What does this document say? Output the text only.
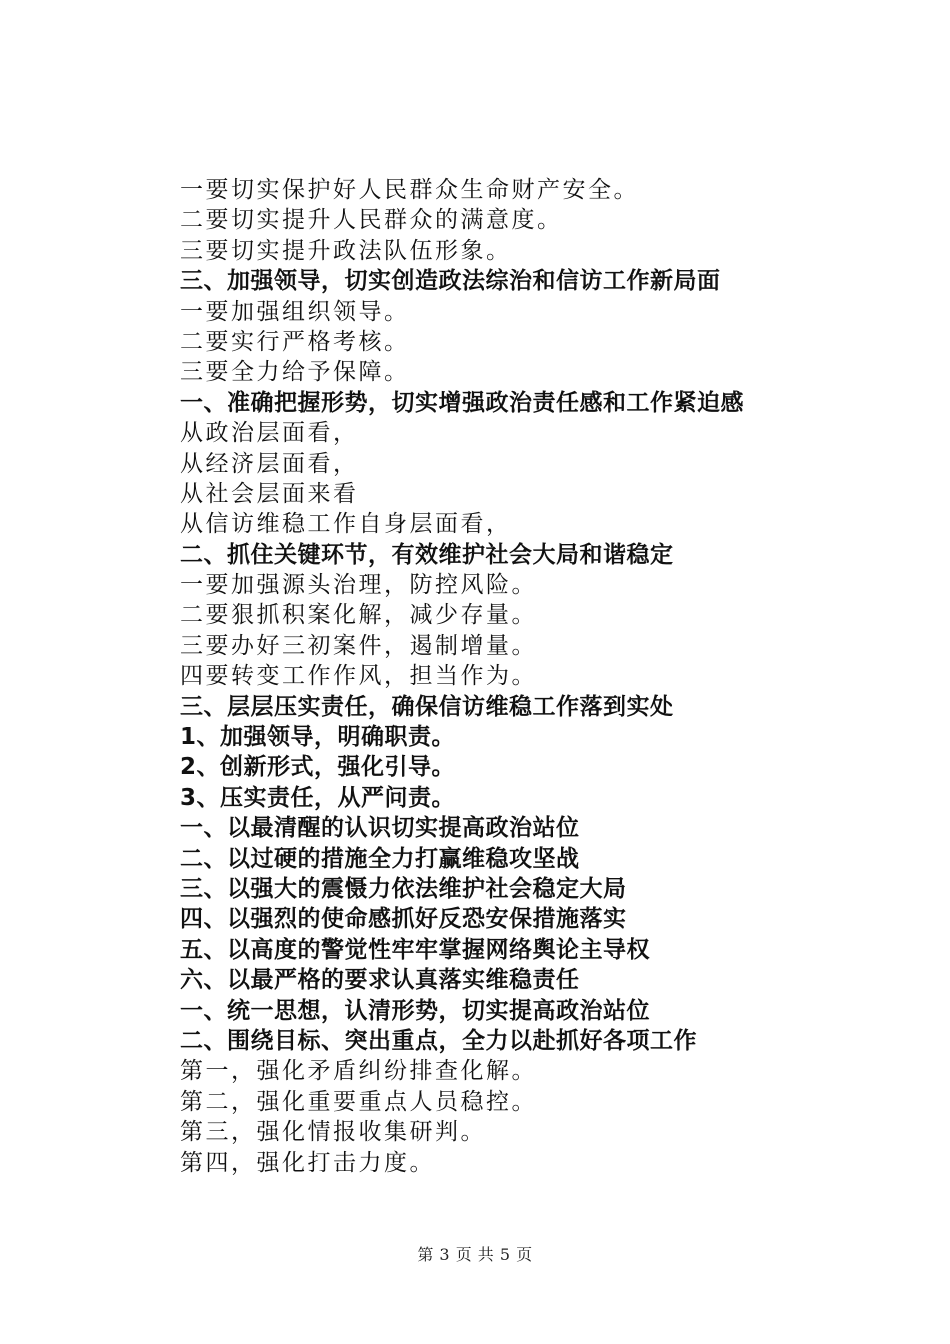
一要切实保护好人民群众生命财产安全。
二要切实提升人民群众的满意度。
三要切实提升政法队伍形象。
三、加强领导，切实创造政法综治和信访工作新局面
一要加强组织领导。
二要实行严格考核。
三要全力给予保障。
一、准确把握形势，切实增强政治责任感和工作紧迫感
从政治层面看，
从经济层面看，
从社会层面来看
从信访维稳工作自身层面看，
二、抓住关键环节，有效维护社会大局和谐稳定
一要加强源头治理，防控风险。
二要狠抓积案化解，减少存量。
三要办好三初案件，遏制增量。
四要转变工作作风，担当作为。
三、层层压实责任，确保信访维稳工作落到实处
1、加强领导，明确职责。
2、创新形式，强化引导。
3、压实责任，从严问责。
一、以最清醒的认识切实提高政治站位
二、以过硬的措施全力打赢维稳攻坚战
三、以强大的震慑力依法维护社会稳定大局
四、以强烈的使命感抓好反恐安保措施落实
五、以高度的警觉性牢牢掌握网络舆论主导权
六、以最严格的要求认真落实维稳责任
一、统一思想，认清形势，切实提高政治站位
二、围绕目标、突出重点，全力以赴抓好各项工作
第一，强化矛盾纠纷排查化解。
第二，强化重要重点人员稳控。
第三，强化情报收集研判。
第四，强化打击力度。
第 3 页 共 5 页
